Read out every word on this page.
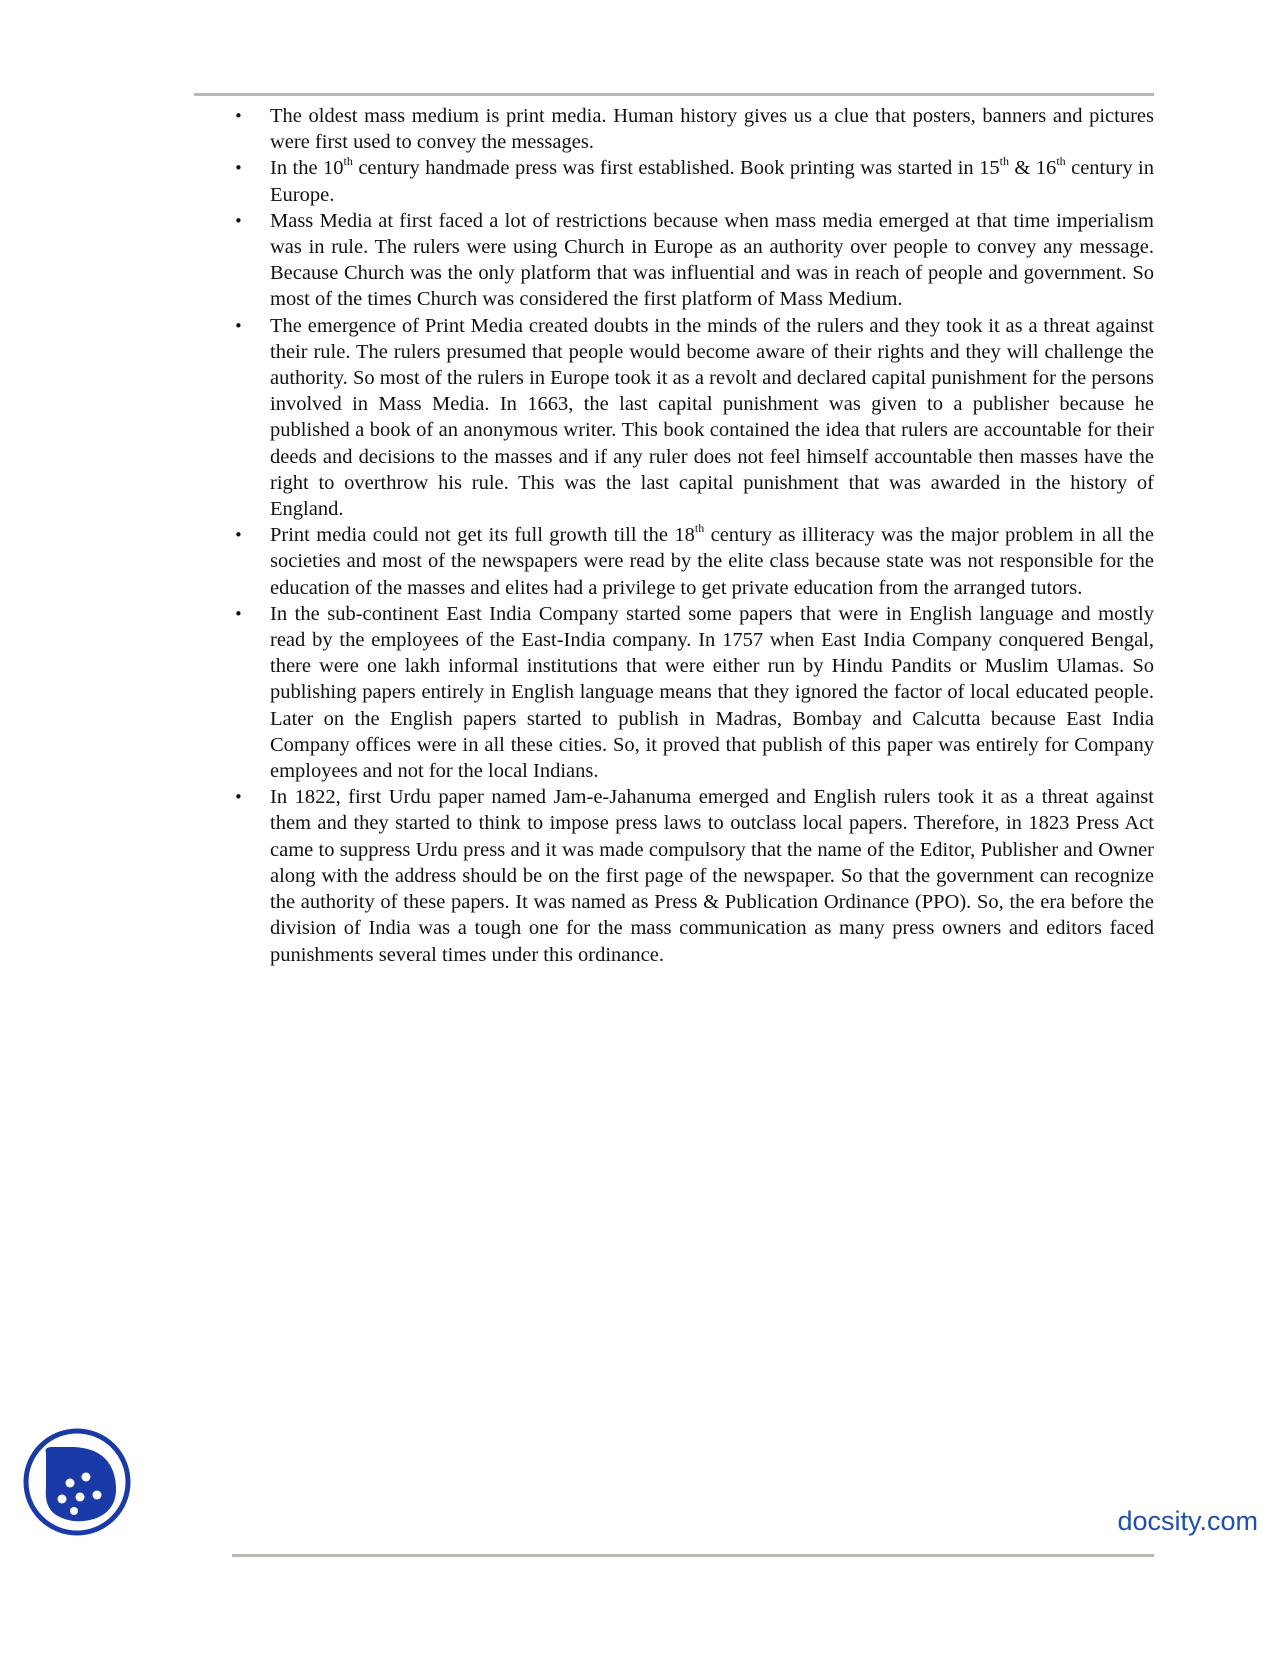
•	The oldest mass medium is print media. Human history gives us a clue that posters, banners and pictures were first used to convey the messages.
•	In the 10th century handmade press was first established. Book printing was started in 15th & 16th century in Europe.
•	Mass Media at first faced a lot of restrictions because when mass media emerged at that time imperialism was in rule. The rulers were using Church in Europe as an authority over people to convey any message. Because Church was the only platform that was influential and was in reach of people and government. So most of the times Church was considered the first platform of Mass Medium.
•	The emergence of Print Media created doubts in the minds of the rulers and they took it as a threat against their rule. The rulers presumed that people would become aware of their rights and they will challenge the authority. So most of the rulers in Europe took it as a revolt and declared capital punishment for the persons involved in Mass Media. In 1663, the last capital punishment was given to a publisher because he published a book of an anonymous writer. This book contained the idea that rulers are accountable for their deeds and decisions to the masses and if any ruler does not feel himself accountable then masses have the right to overthrow his rule. This was the last capital punishment that was awarded in the history of England.
•	Print media could not get its full growth till the 18th century as illiteracy was the major problem in all the societies and most of the newspapers were read by the elite class because state was not responsible for the education of the masses and elites had a privilege to get private education from the arranged tutors.
•	In the sub-continent East India Company started some papers that were in English language and mostly read by the employees of the East-India company. In 1757 when East India Company conquered Bengal, there were one lakh informal institutions that were either run by Hindu Pandits or Muslim Ulamas. So publishing papers entirely in English language means that they ignored the factor of local educated people. Later on the English papers started to publish in Madras, Bombay and Calcutta because East India Company offices were in all these cities. So, it proved that publish of this paper was entirely for Company employees and not for the local Indians.
•	In 1822, first Urdu paper named Jam-e-Jahanuma emerged and English rulers took it as a threat against them and they started to think to impose press laws to outclass local papers. Therefore, in 1823 Press Act came to suppress Urdu press and it was made compulsory that the name of the Editor, Publisher and Owner along with the address should be on the first page of the newspaper. So that the government can recognize the authority of these papers. It was named as Press & Publication Ordinance (PPO). So, the era before the division of India was a tough one for the mass communication as many press owners and editors faced punishments several times under this ordinance.
docsity.com
